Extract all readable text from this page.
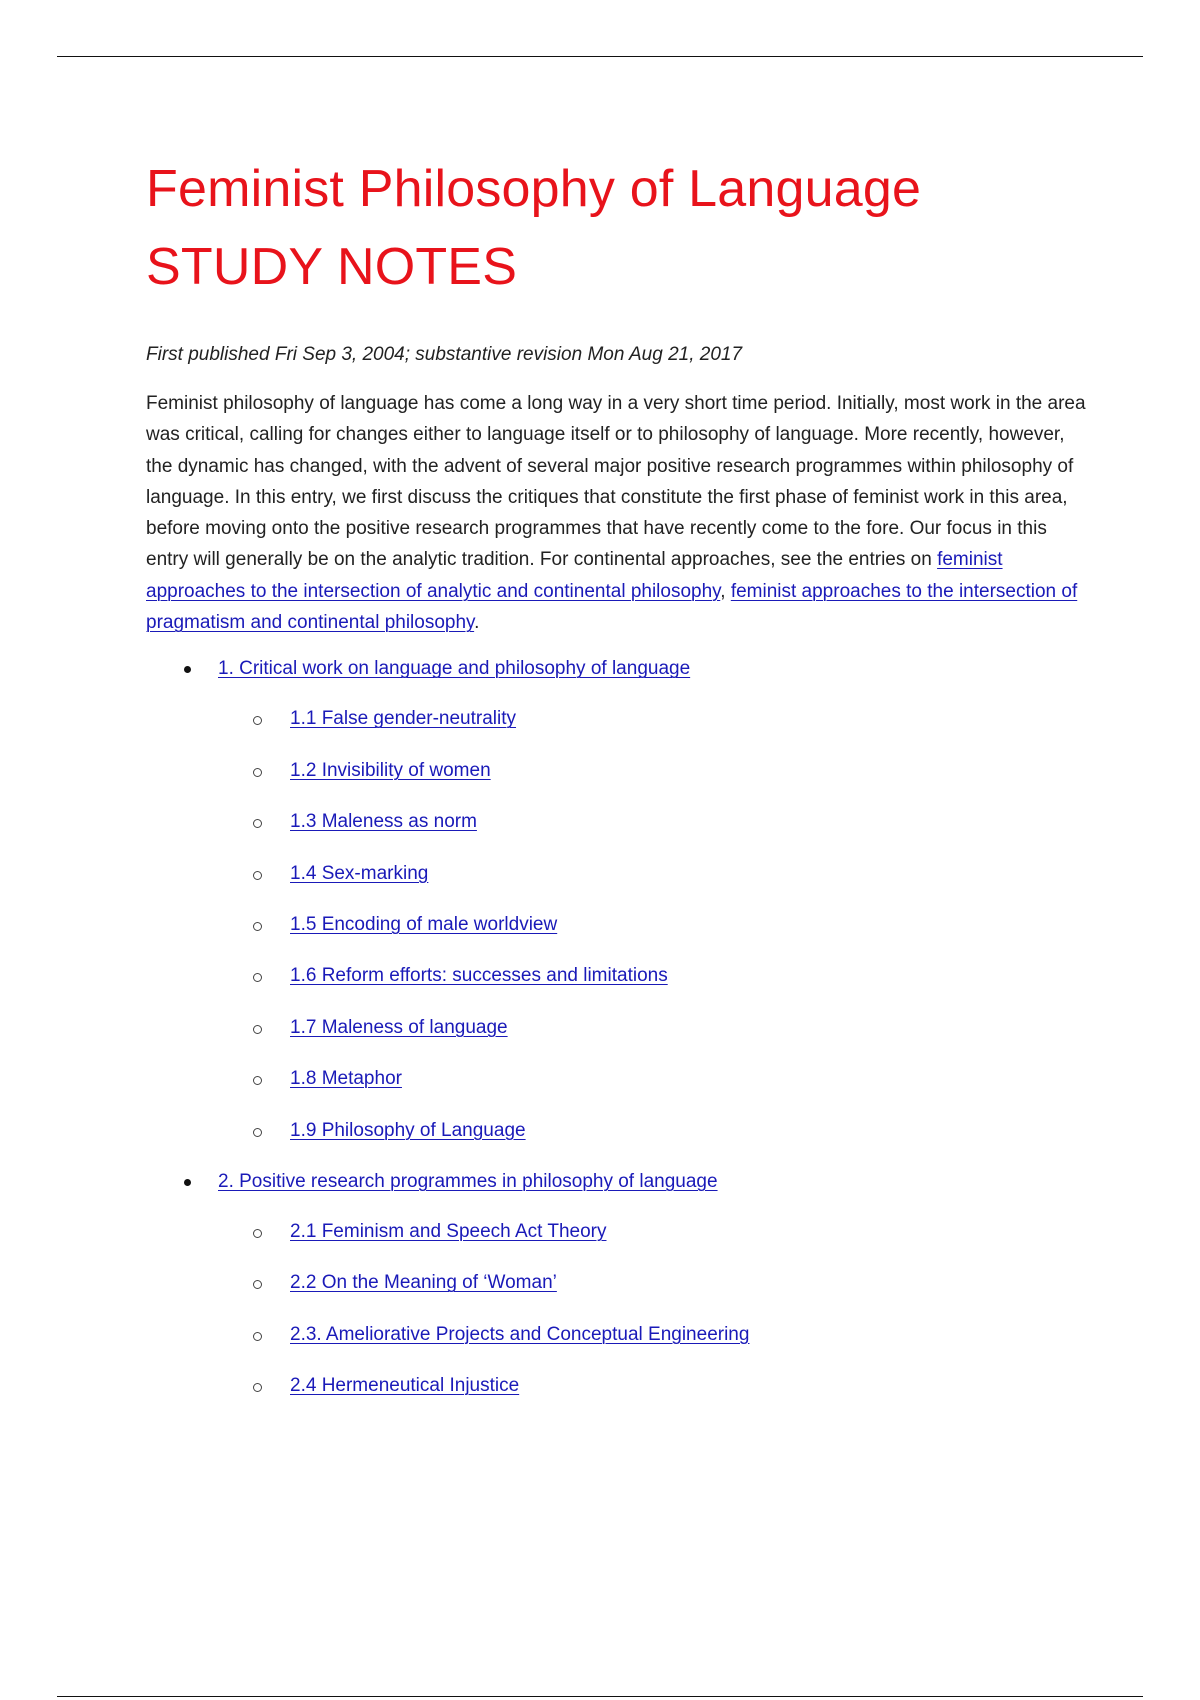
Feminist Philosophy of Language STUDY NOTES

First published Fri Sep 3, 2004; substantive revision Mon Aug 21, 2017

Feminist philosophy of language has come a long way in a very short time period. Initially, most work in the area was critical, calling for changes either to language itself or to philosophy of language. More recently, however, the dynamic has changed, with the advent of several major positive research programmes within philosophy of language. In this entry, we first discuss the critiques that constitute the first phase of feminist work in this area, before moving onto the positive research programmes that have recently come to the fore. Our focus in this entry will generally be on the analytic tradition. For continental approaches, see the entries on feminist approaches to the intersection of analytic and continental philosophy, feminist approaches to the intersection of pragmatism and continental philosophy.

1. Critical work on language and philosophy of language
1.1 False gender-neutrality
1.2 Invisibility of women
1.3 Maleness as norm
1.4 Sex-marking
1.5 Encoding of male worldview
1.6 Reform efforts: successes and limitations
1.7 Maleness of language
1.8 Metaphor
1.9 Philosophy of Language
2. Positive research programmes in philosophy of language
2.1 Feminism and Speech Act Theory
2.2 On the Meaning of ‘Woman’
2.3. Ameliorative Projects and Conceptual Engineering
2.4 Hermeneutical Injustice
